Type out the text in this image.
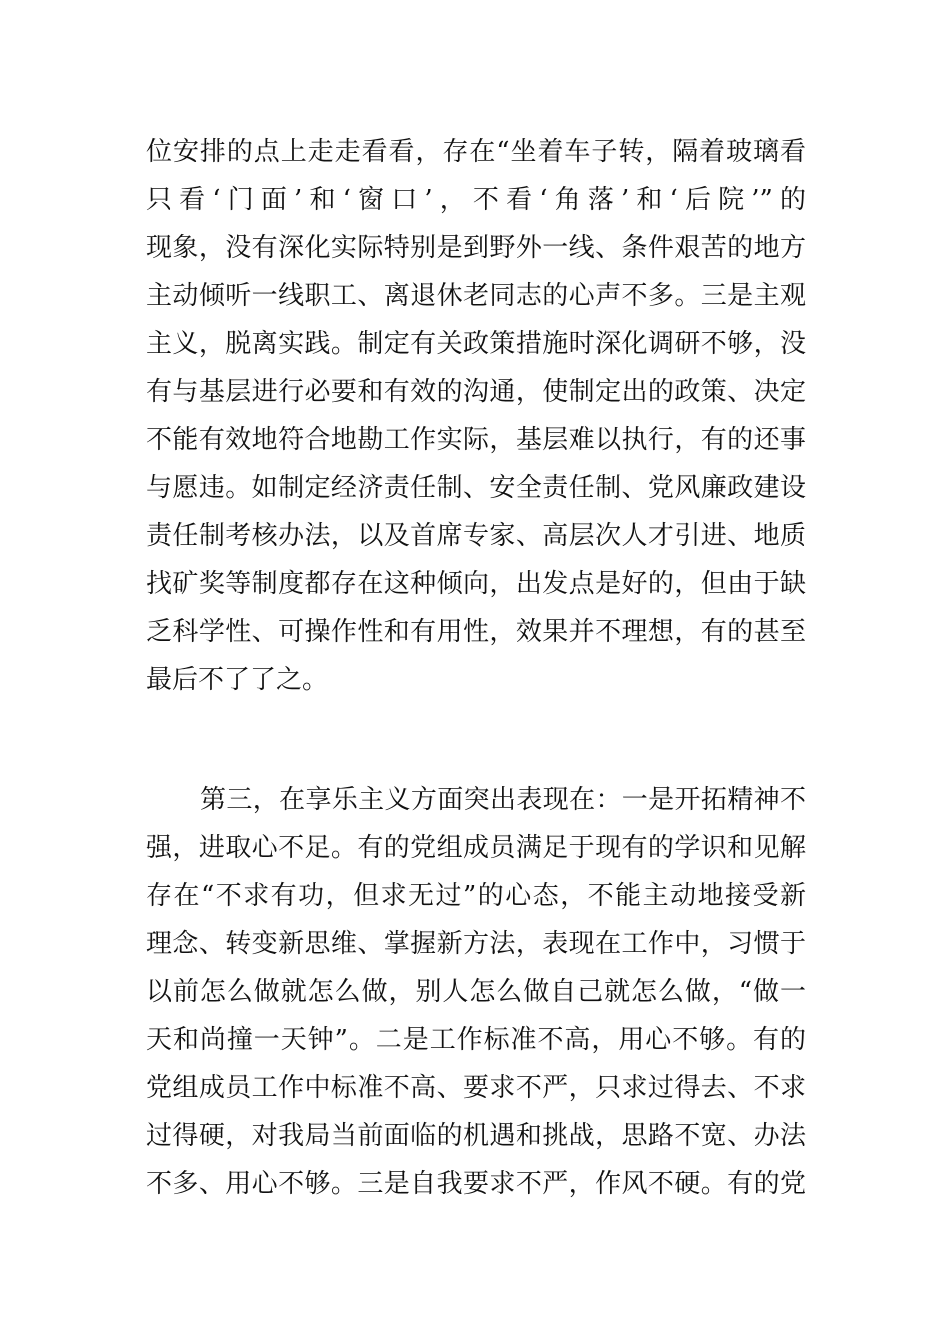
位安排的点上走走看看，存在“坐着车子转，隔着玻璃看
只看‘门面’和‘窗口’，不看‘角落’和‘后院’”的
现象，没有深化实际特别是到野外一线、条件艰苦的地方
主动倾听一线职工、离退休老同志的心声不多。三是主观
主义，脱离实践。制定有关政策措施时深化调研不够，没
有与基层进行必要和有效的沟通，使制定出的政策、决定
不能有效地符合地勘工作实际，基层难以执行，有的还事
与愿违。如制定经济责任制、安全责任制、党风廉政建设
责任制考核办法，以及首席专家、高层次人才引进、地质
找矿奖等制度都存在这种倾向，出发点是好的，但由于缺
乏科学性、可操作性和有用性，效果并不理想，有的甚至
最后不了了之。
第三，在享乐主义方面突出表现在：一是开拓精神不
强，进取心不足。有的党组成员满足于现有的学识和见解
存在“不求有功，但求无过”的心态，不能主动地接受新
理念、转变新思维、掌握新方法，表现在工作中，习惯于
以前怎么做就怎么做，别人怎么做自己就怎么做，“做一
天和尚撞一天钟”。二是工作标准不高，用心不够。有的
党组成员工作中标准不高、要求不严，只求过得去、不求
过得硬，对我局当前面临的机遇和挑战，思路不宽、办法
不多、用心不够。三是自我要求不严，作风不硬。有的党
